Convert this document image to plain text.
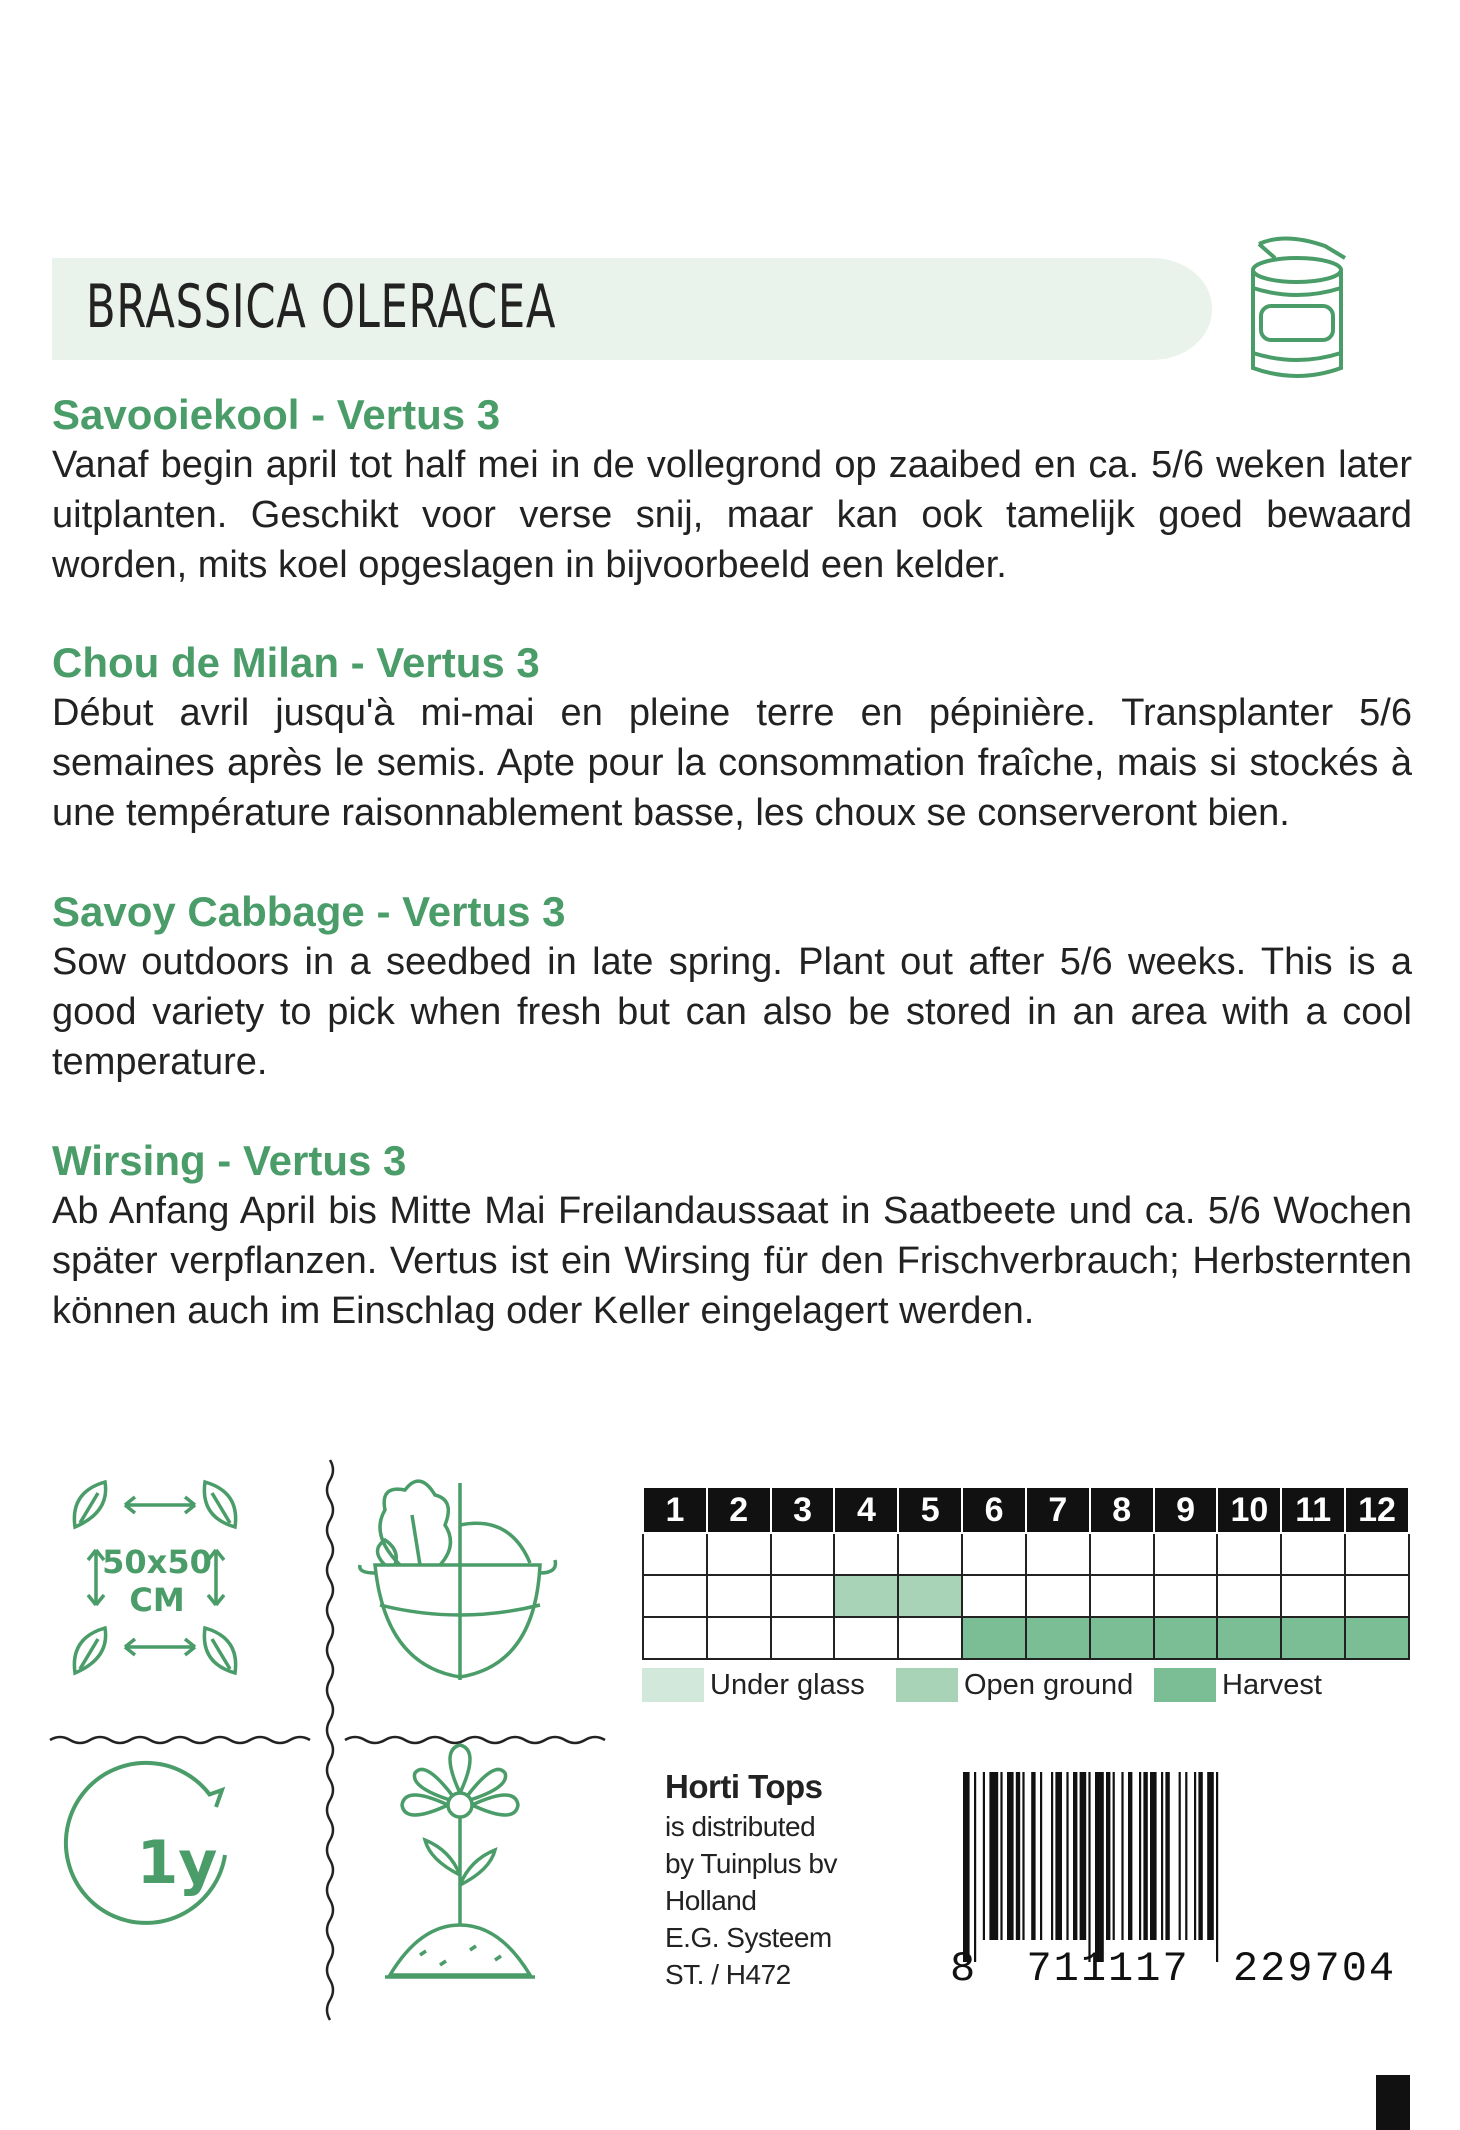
BRASSICA OLERACEA
Savooiekool - Vertus 3
Vanaf begin april tot half mei in de vollegrond op zaaibed en ca. 5/6 weken later uitplanten. Geschikt voor verse snij, maar kan ook tamelijk goed bewaard worden, mits koel opgeslagen in bijvoorbeeld een kelder.
Chou de Milan - Vertus 3
Début avril jusqu'à mi-mai en pleine terre en pépinière. Transplanter 5/6 semaines après le semis. Apte pour la consommation fraîche, mais si stockés à une température raisonnablement basse, les choux se conserveront bien.
Savoy Cabbage - Vertus 3
Sow outdoors in a seedbed in late spring. Plant out after 5/6 weeks. This is a good variety to pick when fresh but can also be stored in an area with a cool temperature.
Wirsing - Vertus 3
Ab Anfang April bis Mitte Mai Freilandaussaat in Saatbeete und ca. 5/6 Wochen später verpflanzen. Vertus ist ein Wirsing für den Frischverbrauch; Herbsternten können auch im Einschlag oder Keller eingelagert werden.
50x50
CM
1y
1	2	3	4	5	6	7	8	9	10	11	12

Under glass	Open ground	Harvest
Horti Tops
is distributed
by Tuinplus bv
Holland
E.G. Systeem
ST. / H472	8 711117 229704
